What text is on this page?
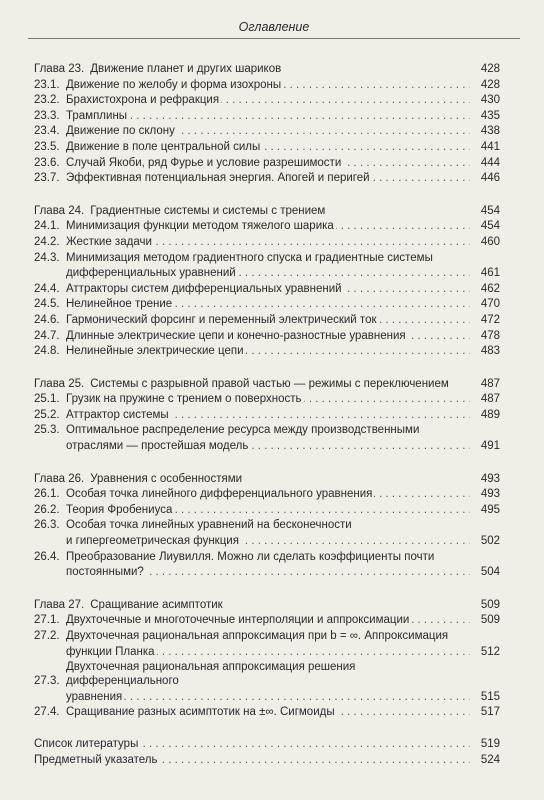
Оглавление
Глава 23. Движение планет и других шариков	428
23.1. Движение по желобу и форма изохроны . . .	428
23.2. Брахистохрона и рефракция . . .	430
23.3. Трамплины . . .	435
23.4. Движение по склону . . .	438
23.5. Движение в поле центральной силы . . .	441
23.6. Случай Якоби, ряд Фурье и условие разрешимости . . .	444
23.7. Эффективная потенциальная энергия. Апогей и перигей . . .	446
Глава 24. Градиентные системы и системы с трением	454
24.1. Минимизация функции методом тяжелого шарика . . .	454
24.2. Жесткие задачи . . .	460
24.3. Минимизация методом градиентного спуска и градиентные системы
дифференциальных уравнений . . .	461
24.4. Аттракторы систем дифференциальных уравнений . . .	462
24.5. Нелинейное трение . . .	470
24.6. Гармонический форсинг и переменный электрический ток . . .	472
24.7. Длинные электрические цепи и конечно-разностные уравнения . . .	478
24.8. Нелинейные электрические цепи . . .	483
Глава 25. Системы с разрывной правой частью — режимы с переключением	487
25.1. Грузик на пружине с трением о поверхность . . .	487
25.2. Аттрактор системы . . .	489
25.3. Оптимальное распределение ресурса между производственными
отраслями — простейшая модель . . .	491
Глава 26. Уравнения с особенностями	493
26.1. Особая точка линейного дифференциального уравнения . . .	493
26.2. Теория Фробениуса . . .	495
26.3. Особая точка линейных уравнений на бесконечности
и гипергеометрическая функция . . .	502
26.4. Преобразование Лиувилля. Можно ли сделать коэффициенты почти
постоянными? . . .	504
Глава 27. Сращивание асимптотик	509
27.1. Двухточечные и многоточечные интерполяции и аппроксимации . . .	509
27.2. Двухточечная рациональная аппроксимация при b = ∞. Аппроксимация
функции Планка . . .	512
27.3.
Двухточечная рациональная аппроксимация решения дифференциального
уравнения . . .	515
27.4. Сращивание разных асимптотик на ±∞. Сигмоиды . . .	517
Список литературы . . .	519
Предметный указатель . . .	524
